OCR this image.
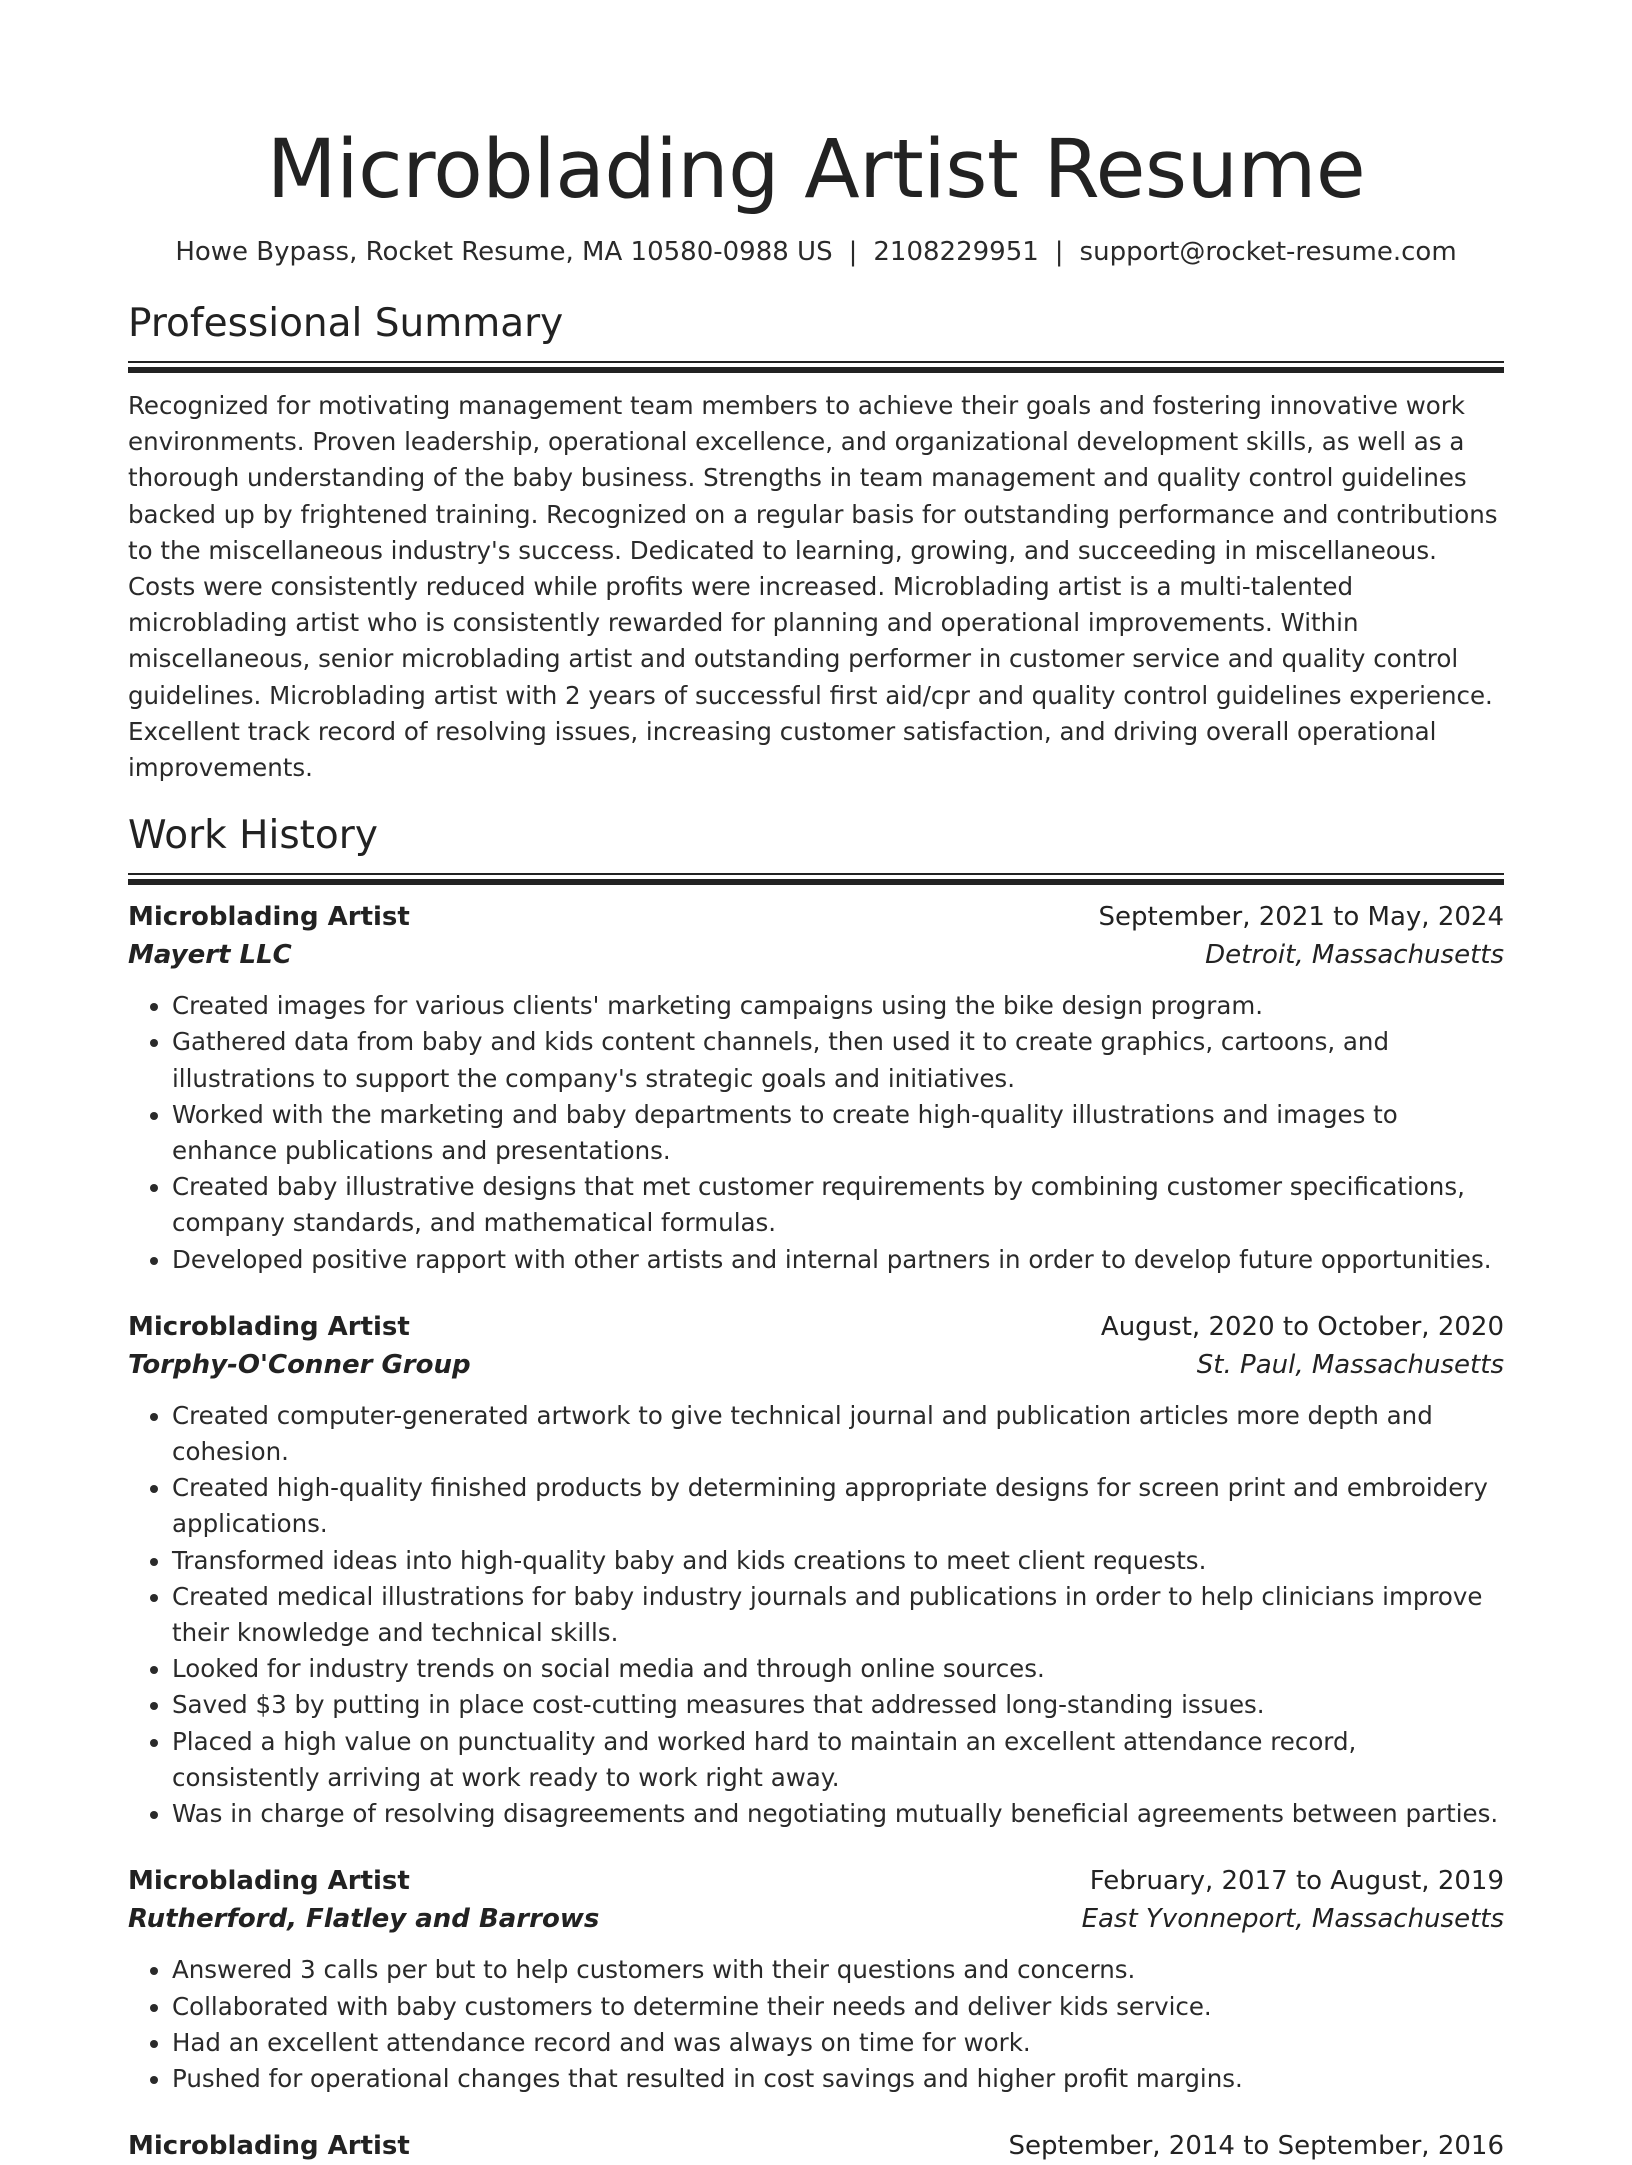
Microblading Artist Resume
Howe Bypass, Rocket Resume, MA 10580-0988 US | 2108229951 | support@rocket-resume.com
Professional Summary

Recognized for motivating management team members to achieve their goals and fostering innovative work environments. Proven leadership, operational excellence, and organizational development skills, as well as a thorough understanding of the baby business. Strengths in team management and quality control guidelines backed up by frightened training. Recognized on a regular basis for outstanding performance and contributions to the miscellaneous industry's success. Dedicated to learning, growing, and succeeding in miscellaneous. Costs were consistently reduced while profits were increased. Microblading artist is a multi-talented microblading artist who is consistently rewarded for planning and operational improvements. Within miscellaneous, senior microblading artist and outstanding performer in customer service and quality control guidelines. Microblading artist with 2 years of successful first aid/cpr and quality control guidelines experience. Excellent track record of resolving issues, increasing customer satisfaction, and driving overall operational improvements.

Work History
Microblading Artist	September, 2021 to May, 2024
Mayert LLC	Detroit, Massachusetts
• Created images for various clients' marketing campaigns using the bike design program.
• Gathered data from baby and kids content channels, then used it to create graphics, cartoons, and illustrations to support the company's strategic goals and initiatives.
• Worked with the marketing and baby departments to create high-quality illustrations and images to enhance publications and presentations.
• Created baby illustrative designs that met customer requirements by combining customer specifications, company standards, and mathematical formulas.
• Developed positive rapport with other artists and internal partners in order to develop future opportunities.
Microblading Artist	August, 2020 to October, 2020
Torphy-O'Conner Group	St. Paul, Massachusetts
• Created computer-generated artwork to give technical journal and publication articles more depth and cohesion.
• Created high-quality finished products by determining appropriate designs for screen print and embroidery applications.
• Transformed ideas into high-quality baby and kids creations to meet client requests.
• Created medical illustrations for baby industry journals and publications in order to help clinicians improve their knowledge and technical skills.
• Looked for industry trends on social media and through online sources.
• Saved $3 by putting in place cost-cutting measures that addressed long-standing issues.
• Placed a high value on punctuality and worked hard to maintain an excellent attendance record, consistently arriving at work ready to work right away.
• Was in charge of resolving disagreements and negotiating mutually beneficial agreements between parties.
Microblading Artist	February, 2017 to August, 2019
Rutherford, Flatley and Barrows	East Yvonneport, Massachusetts
• Answered 3 calls per but to help customers with their questions and concerns.
• Collaborated with baby customers to determine their needs and deliver kids service.
• Had an excellent attendance record and was always on time for work.
• Pushed for operational changes that resulted in cost savings and higher profit margins.
Microblading Artist	September, 2014 to September, 2016
